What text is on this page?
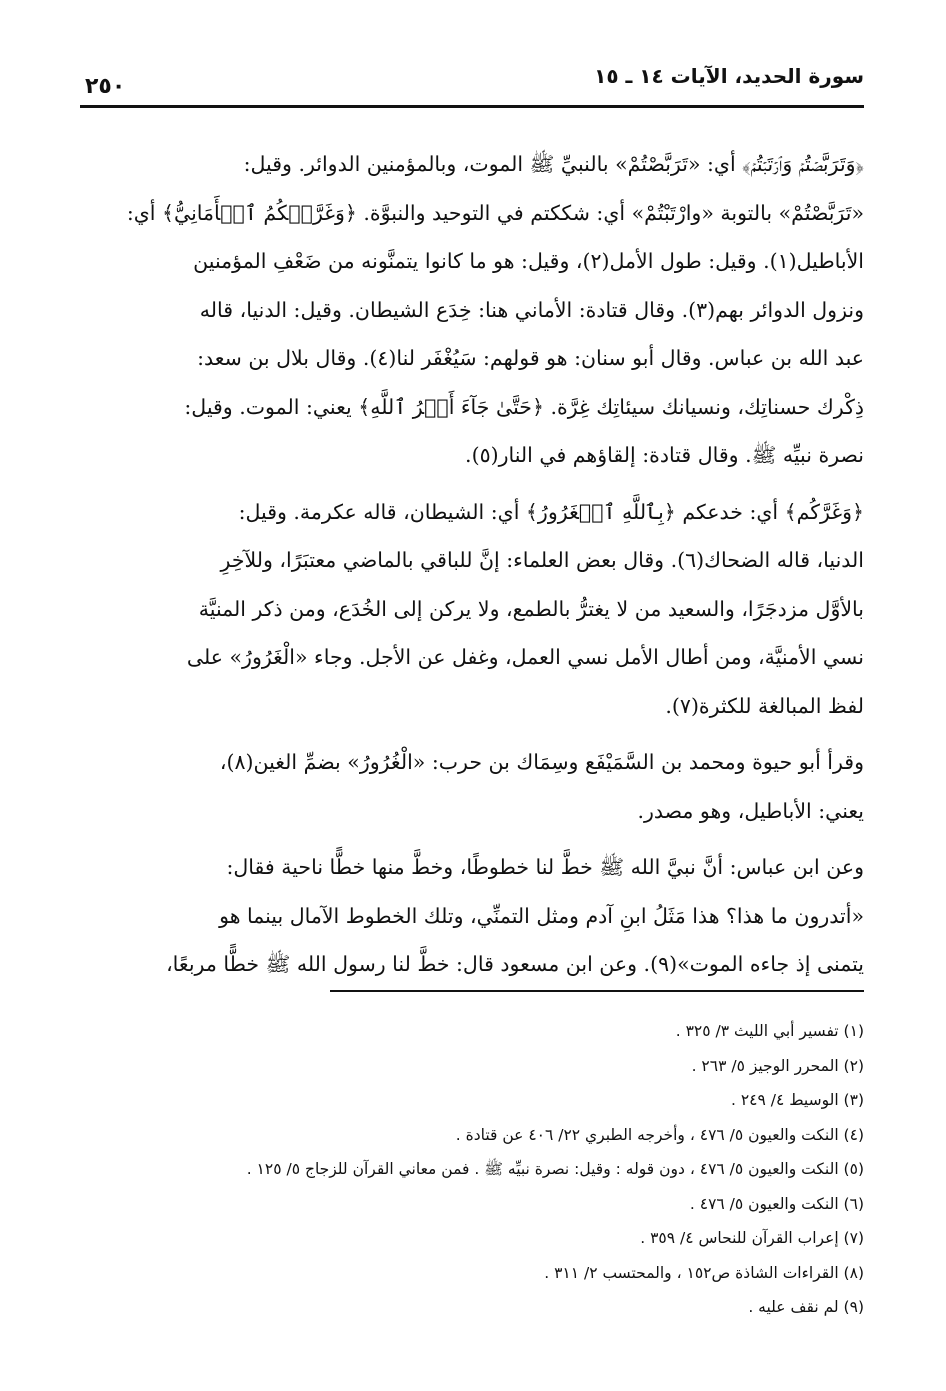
سورة الحديد، الآيات ١٤ ـ ١٥
٢٥٠
﴿وَتَرَبَّصۡتُمۡ وَٱرۡتَبۡتُمۡ﴾ أي: «تَرَبَّصْتُمْ» بالنبيِّ ﷺ الموت، وبالمؤمنين الدوائر. وقيل:
«تَرَبَّصْتُمْ» بالتوبة «وارْتَبْتُمْ» أي: شككتم في التوحيد والنبوَّة. ﴿وَغَرَّتۡكُمُ ٱلۡأَمَانِيُّ﴾ أي:
الأباطيل(١). وقيل: طول الأمل(٢)، وقيل: هو ما كانوا يتمنَّونه من ضَعْفِ المؤمنين
ونزول الدوائر بهم(٣). وقال قتادة: الأماني هنا: خِدَع الشيطان. وقيل: الدنيا، قاله
عبد الله بن عباس. وقال أبو سنان: هو قولهم: سَيُغْفَر لنا(٤). وقال بلال بن سعد:
ذِكْرك حسناتِك، ونسيانك سيئاتِك غِرَّة. ﴿حَتَّىٰ جَآءَ أَمۡرُ ٱللَّهِ﴾ يعني: الموت. وقيل:
نصرة نبيِّه ﷺ. وقال قتادة: إلقاؤهم في النار(٥).
﴿وَغَرَّكُم﴾ أي: خدعكم ﴿بِٱللَّهِ ٱلۡغَرُورُ﴾ أي: الشيطان، قاله عكرمة. وقيل:
الدنيا، قاله الضحاك(٦). وقال بعض العلماء: إنَّ للباقي بالماضي معتبَرًا، وللآخِرِ
بالأوَّل مزدجَرًا، والسعيد من لا يغترُّ بالطمع، ولا يركن إلى الخُدَع، ومن ذكر المنيَّة
نسي الأمنيَّة، ومن أطال الأمل نسي العمل، وغفل عن الأجل. وجاء «الْغَرُورُ» على
لفظ المبالغة للكثرة(٧).
وقرأ أبو حيوة ومحمد بن السَّمَيْفَع وسِمَاك بن حرب: «الْغُرُورُ» بضمِّ الغين(٨)،
يعني: الأباطيل، وهو مصدر.
وعن ابن عباس: أنَّ نبيَّ الله ﷺ خطَّ لنا خطوطًا، وخطَّ منها خطًّا ناحية فقال:
«أتدرون ما هذا؟ هذا مَثَلُ ابنِ آدم ومثل التمنِّي، وتلك الخطوط الآمال بينما هو
يتمنى إذ جاءه الموت»(٩). وعن ابن مسعود قال: خطَّ لنا رسول الله ﷺ خطًّا مربعًا،
(١) تفسير أبي الليث ٣/ ٣٢٥ .
(٢) المحرر الوجيز ٥/ ٢٦٣ .
(٣) الوسيط ٤/ ٢٤٩ .
(٤) النكت والعيون ٥/ ٤٧٦ ، وأخرجه الطبري ٢٢/ ٤٠٦ عن قتادة .
(٥) النكت والعيون ٥/ ٤٧٦ ، دون قوله : وقيل: نصرة نبيِّه ﷺ . فمن معاني القرآن للزجاج ٥/ ١٢٥ .
(٦) النكت والعيون ٥/ ٤٧٦ .
(٧) إعراب القرآن للنحاس ٤/ ٣٥٩ .
(٨) القراءات الشاذة ص١٥٢ ، والمحتسب ٢/ ٣١١ .
(٩) لم نقف عليه .
